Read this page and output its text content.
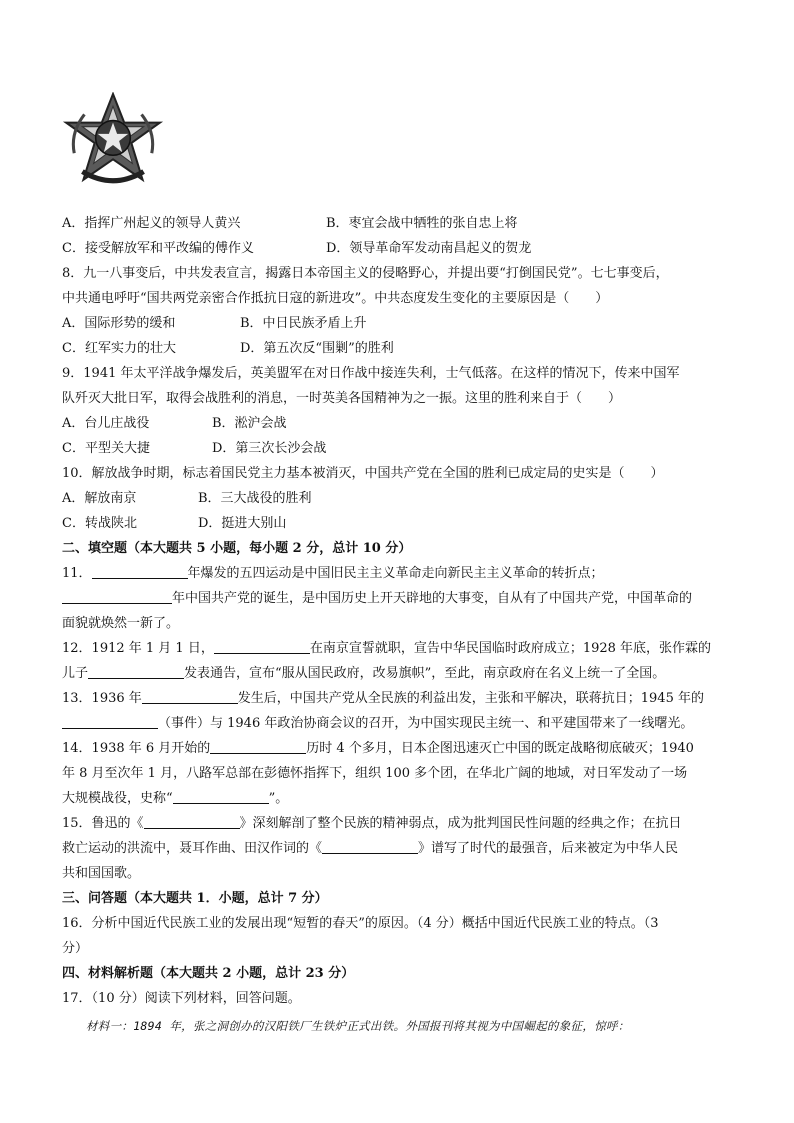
A．指挥广州起义的领导人黄兴	B．枣宜会战中牺牲的张自忠上将
C．接受解放军和平改编的傅作义	D．领导革命军发动南昌起义的贺龙
8．九一八事变后，中共发表宣言，揭露日本帝国主义的侵略野心，并提出要“打倒国民党”。七七事变后，
中共通电呼吁“国共两党亲密合作抵抗日寇的新进攻”。中共态度发生变化的主要原因是（　　）
A．国际形势的缓和	B．中日民族矛盾上升
C．红军实力的壮大	D．第五次反“围剿”的胜利
9．1941 年太平洋战争爆发后，英美盟军在对日作战中接连失利，士气低落。在这样的情况下，传来中国军
队歼灭大批日军，取得会战胜利的消息，一时英美各国精神为之一振。这里的胜利来自于（　　）
A．台儿庄战役	B．淞沪会战
C．平型关大捷	D．第三次长沙会战
10．解放战争时期，标志着国民党主力基本被消灭，中国共产党在全国的胜利已成定局的史实是（　　）
A．解放南京	B．三大战役的胜利
C．转战陕北	D．挺进大别山
二、填空题（本大题共 5 小题，每小题 2 分，总计 10 分）
11．	年爆发的五四运动是中国旧民主主义革命走向新民主主义革命的转折点；
年中国共产党的诞生，是中国历史上开天辟地的大事变，自从有了中国共产党，中国革命的
面貌就焕然一新了。
12．1912 年 1 月 1 日，	在南京宣誓就职，宣告中华民国临时政府成立；1928 年底，张作霖的
儿子	发表通告，宣布“服从国民政府，改易旗帜”，至此，南京政府在名义上统一了全国。
13．1936 年	发生后，中国共产党从全民族的利益出发，主张和平解决，联蒋抗日；1945 年的
（事件）与 1946 年政治协商会议的召开，为中国实现民主统一、和平建国带来了一线曙光。
14．1938 年 6 月开始的	历时 4 个多月，日本企图迅速灭亡中国的既定战略彻底破灭；1940
年 8 月至次年 1 月，八路军总部在彭德怀指挥下，组织 100 多个团，在华北广阔的地域，对日军发动了一场
大规模战役，史称“	”。
15．鲁迅的《	》深刻解剖了整个民族的精神弱点，成为批判国民性问题的经典之作；在抗日
救亡运动的洪流中，聂耳作曲、田汉作词的《	》谱写了时代的最强音，后来被定为中华人民
共和国国歌。
三、问答题（本大题共 1．小题，总计 7 分）
16．分析中国近代民族工业的发展出现“短暂的春天”的原因。（4 分）概括中国近代民族工业的特点。（3
分）
四、材料解析题（本大题共 2 小题，总计 23 分）
17．（10 分）阅读下列材料，回答问题。
材料一：1894 年，张之洞创办的汉阳铁厂生铁炉正式出铁。外国报刊将其视为中国崛起的象征，惊呼：
